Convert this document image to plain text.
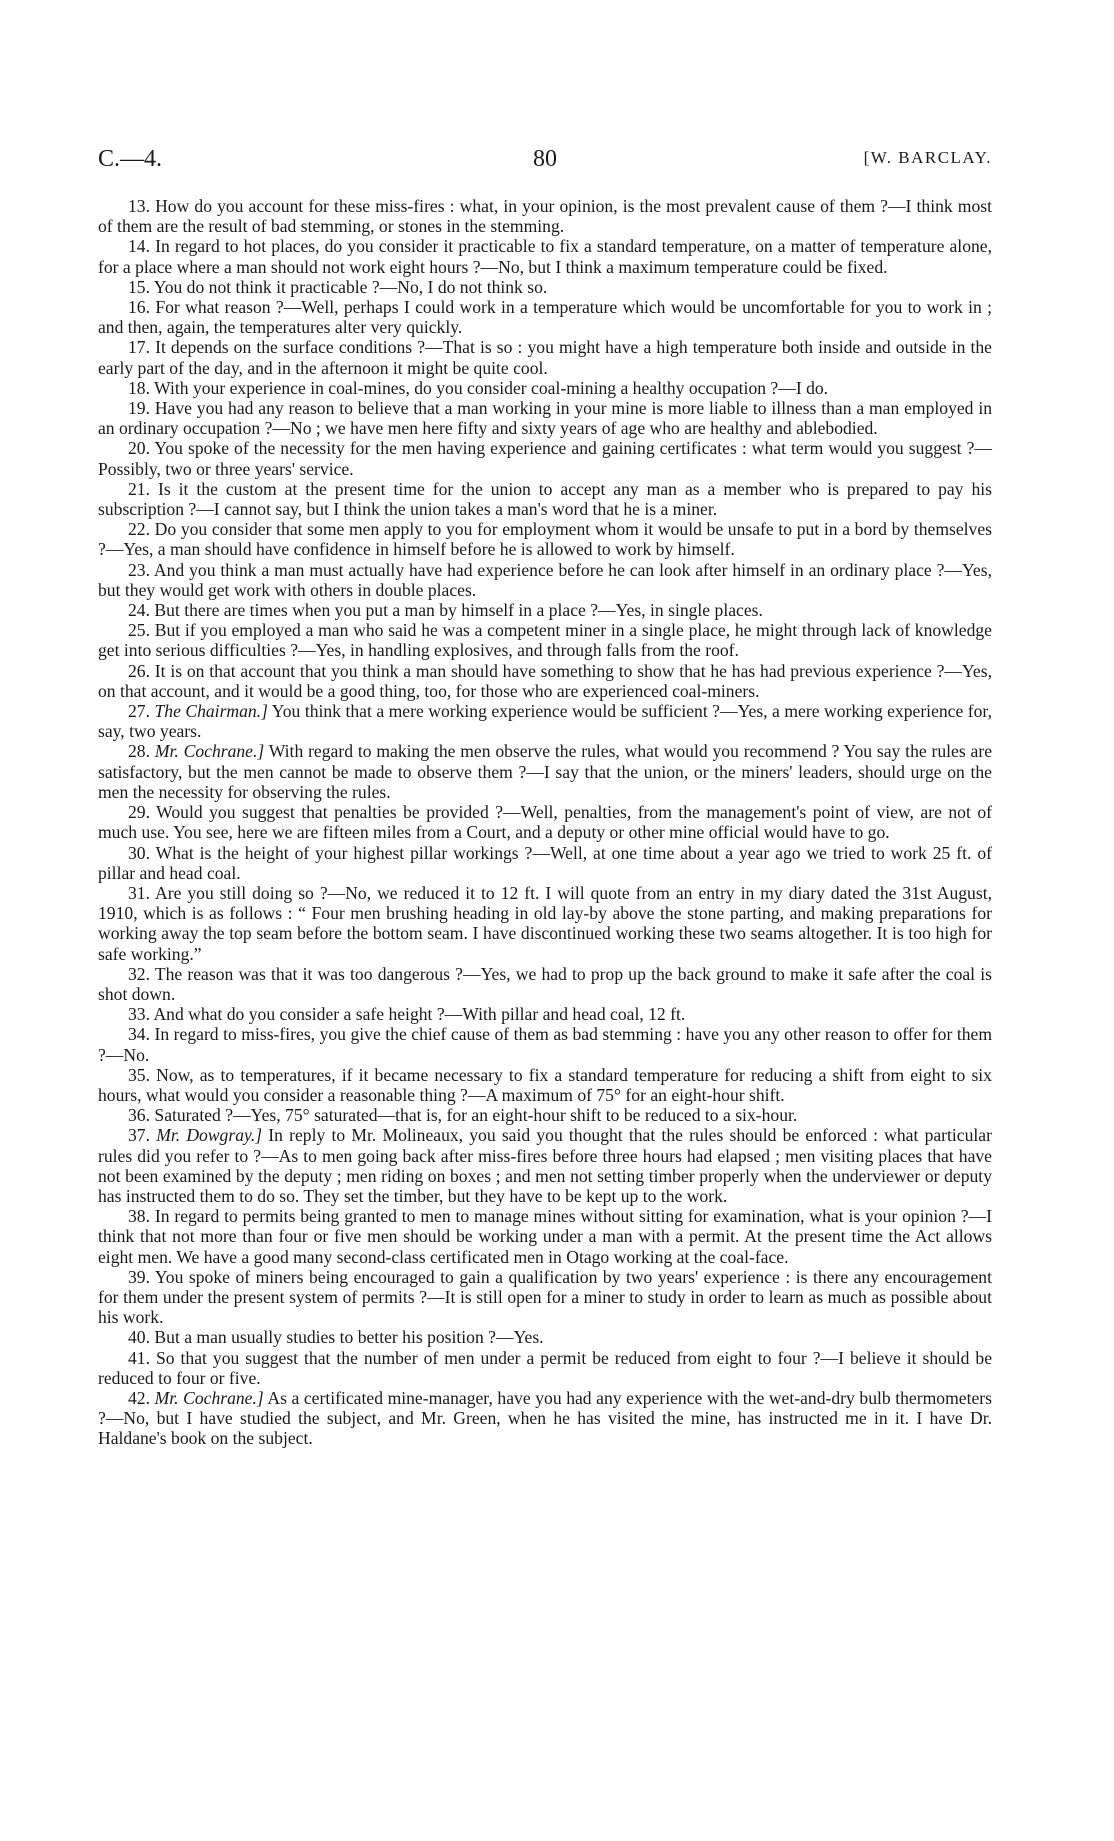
C.—4.	80	[W. BARCLAY.

13. How do you account for these miss-fires : what, in your opinion, is the most prevalent cause of them ?—I think most of them are the result of bad stemming, or stones in the stemming.

14. In regard to hot places, do you consider it practicable to fix a standard temperature, on a matter of temperature alone, for a place where a man should not work eight hours ?—No, but I think a maximum temperature could be fixed.

15. You do not think it practicable ?—No, I do not think so.

16. For what reason ?—Well, perhaps I could work in a temperature which would be uncomfortable for you to work in ; and then, again, the temperatures alter very quickly.

17. It depends on the surface conditions ?—That is so : you might have a high temperature both inside and outside in the early part of the day, and in the afternoon it might be quite cool.

18. With your experience in coal-mines, do you consider coal-mining a healthy occupation ?—I do.

19. Have you had any reason to believe that a man working in your mine is more liable to illness than a man employed in an ordinary occupation ?—No ; we have men here fifty and sixty years of age who are healthy and ablebodied.

20. You spoke of the necessity for the men having experience and gaining certificates : what term would you suggest ?—Possibly, two or three years' service.

21. Is it the custom at the present time for the union to accept any man as a member who is prepared to pay his subscription ?—I cannot say, but I think the union takes a man's word that he is a miner.

22. Do you consider that some men apply to you for employment whom it would be unsafe to put in a bord by themselves ?—Yes, a man should have confidence in himself before he is allowed to work by himself.

23. And you think a man must actually have had experience before he can look after himself in an ordinary place ?—Yes, but they would get work with others in double places.

24. But there are times when you put a man by himself in a place ?—Yes, in single places.

25. But if you employed a man who said he was a competent miner in a single place, he might through lack of knowledge get into serious difficulties ?—Yes, in handling explosives, and through falls from the roof.

26. It is on that account that you think a man should have something to show that he has had previous experience ?—Yes, on that account, and it would be a good thing, too, for those who are experienced coal-miners.

27. The Chairman.] You think that a mere working experience would be sufficient ?—Yes, a mere working experience for, say, two years.

28. Mr. Cochrane.] With regard to making the men observe the rules, what would you recommend ? You say the rules are satisfactory, but the men cannot be made to observe them ?—I say that the union, or the miners' leaders, should urge on the men the necessity for observing the rules.

29. Would you suggest that penalties be provided ?—Well, penalties, from the management's point of view, are not of much use. You see, here we are fifteen miles from a Court, and a deputy or other mine official would have to go.

30. What is the height of your highest pillar workings ?—Well, at one time about a year ago we tried to work 25 ft. of pillar and head coal.

31. Are you still doing so ?—No, we reduced it to 12 ft. I will quote from an entry in my diary dated the 31st August, 1910, which is as follows : “ Four men brushing heading in old lay-by above the stone parting, and making preparations for working away the top seam before the bottom seam. I have discontinued working these two seams altogether. It is too high for safe working.”

32. The reason was that it was too dangerous ?—Yes, we had to prop up the back ground to make it safe after the coal is shot down.

33. And what do you consider a safe height ?—With pillar and head coal, 12 ft.

34. In regard to miss-fires, you give the chief cause of them as bad stemming : have you any other reason to offer for them ?—No.

35. Now, as to temperatures, if it became necessary to fix a standard temperature for reducing a shift from eight to six hours, what would you consider a reasonable thing ?—A maximum of 75° for an eight-hour shift.

36. Saturated ?—Yes, 75° saturated—that is, for an eight-hour shift to be reduced to a six-hour.

37. Mr. Dowgray.] In reply to Mr. Molineaux, you said you thought that the rules should be enforced : what particular rules did you refer to ?—As to men going back after miss-fires before three hours had elapsed ; men visiting places that have not been examined by the deputy ; men riding on boxes ; and men not setting timber properly when the underviewer or deputy has instructed them to do so. They set the timber, but they have to be kept up to the work.

38. In regard to permits being granted to men to manage mines without sitting for examination, what is your opinion ?—I think that not more than four or five men should be working under a man with a permit. At the present time the Act allows eight men. We have a good many second-class certificated men in Otago working at the coal-face.

39. You spoke of miners being encouraged to gain a qualification by two years' experience : is there any encouragement for them under the present system of permits ?—It is still open for a miner to study in order to learn as much as possible about his work.

40. But a man usually studies to better his position ?—Yes.

41. So that you suggest that the number of men under a permit be reduced from eight to four ?—I believe it should be reduced to four or five.

42. Mr. Cochrane.] As a certificated mine-manager, have you had any experience with the wet-and-dry bulb thermometers ?—No, but I have studied the subject, and Mr. Green, when he has visited the mine, has instructed me in it. I have Dr. Haldane's book on the subject.
